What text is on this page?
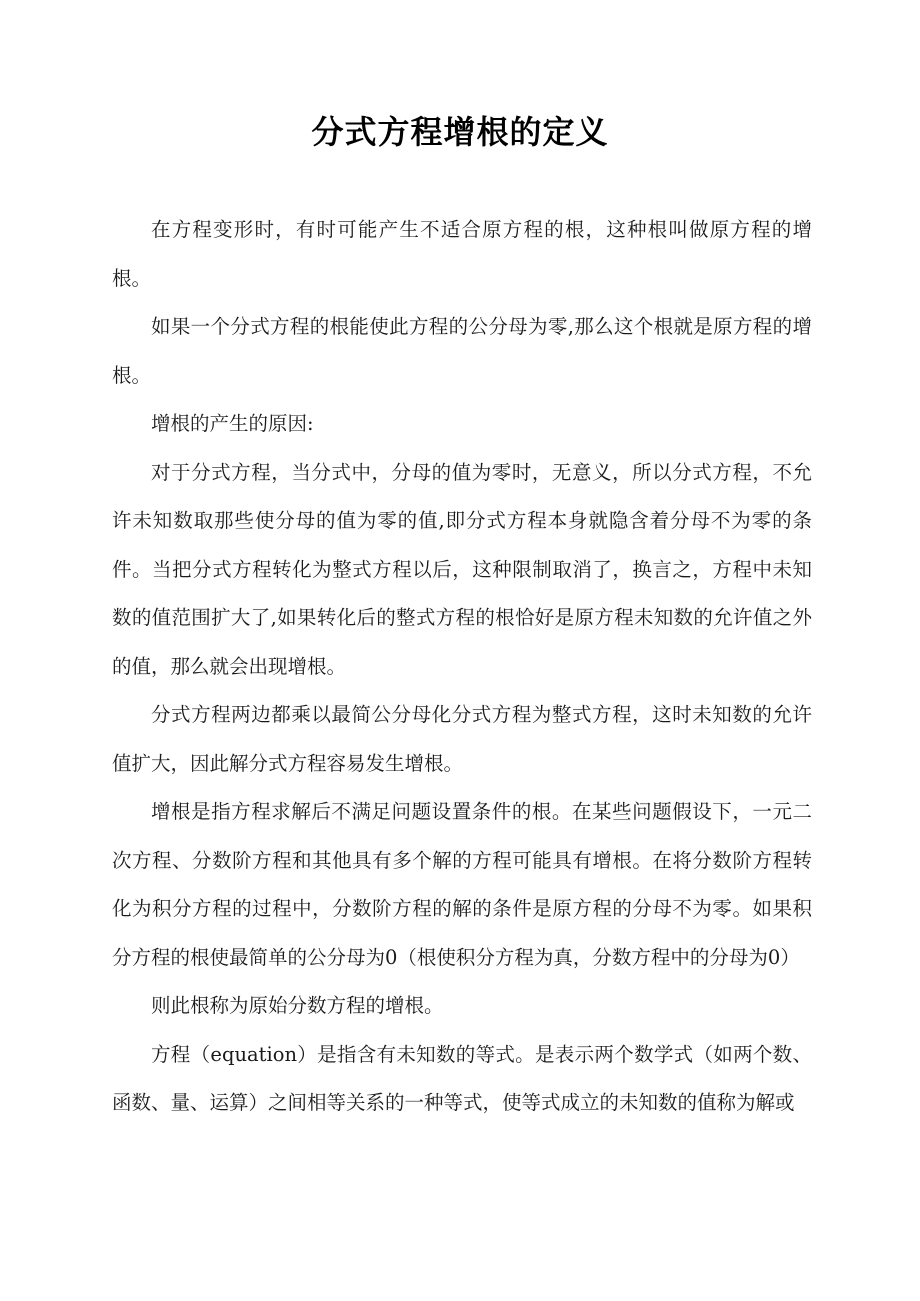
分式方程增根的定义

在方程变形时，有时可能产生不适合原方程的根，这种根叫做原方程的增根。

如果一个分式方程的根能使此方程的公分母为零,那么这个根就是原方程的增根。

增根的产生的原因:

对于分式方程，当分式中，分母的值为零时，无意义，所以分式方程，不允许未知数取那些使分母的值为零的值,即分式方程本身就隐含着分母不为零的条件。当把分式方程转化为整式方程以后，这种限制取消了，换言之，方程中未知数的值范围扩大了,如果转化后的整式方程的根恰好是原方程未知数的允许值之外的值，那么就会出现增根。

分式方程两边都乘以最简公分母化分式方程为整式方程，这时未知数的允许值扩大，因此解分式方程容易发生增根。

增根是指方程求解后不满足问题设置条件的根。在某些问题假设下，一元二次方程、分数阶方程和其他具有多个解的方程可能具有增根。在将分数阶方程转化为积分方程的过程中，分数阶方程的解的条件是原方程的分母不为零。如果积分方程的根使最简单的公分母为0（根使积分方程为真，分数方程中的分母为0）

则此根称为原始分数方程的增根。

方程（equation）是指含有未知数的等式。是表示两个数学式（如两个数、函数、量、运算）之间相等关系的一种等式，使等式成立的未知数的值称为解或
